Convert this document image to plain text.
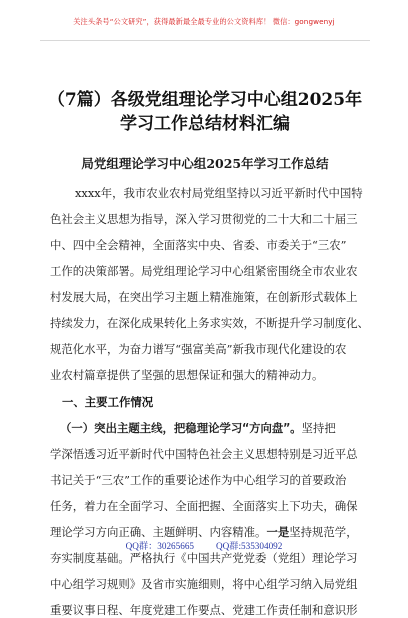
关注头条号“公文研究”，获得最新最全最专业的公文资料库！ 微信：gongwenyj
（7篇）各级党组理论学习中心组2025年
学习工作总结材料汇编
局党组理论学习中心组2025年学习工作总结
xxxx年，我市农业农村局党组坚持以习近平新时代中国特
色社会主义思想为指导，深入学习贯彻党的二十大和二十届三
中、四中全会精神，全面落实中央、省委、市委关于“三农”
工作的决策部署。局党组理论学习中心组紧密围绕全市农业农
村发展大局，在突出学习主题上精准施策，在创新形式载体上
持续发力，在深化成果转化上务求实效，不断提升学习制度化、
规范化水平，为奋力谱写“强富美高”新我市现代化建设的农
业农村篇章提供了坚强的思想保证和强大的精神动力。
一、主要工作情况
（一）突出主题主线，把稳理论学习“方向盘”。坚持把
学深悟透习近平新时代中国特色社会主义思想特别是习近平总
书记关于“三农”工作的重要论述作为中心组学习的首要政治
任务，着力在全面学习、全面把握、全面落实上下功夫，确保
理论学习方向正确、主题鲜明、内容精准。一是坚持规范学，
夯实制度基础。严格执行《中国共产党党委（党组）理论学习
中心组学习规则》及省市实施细则，将中心组学习纳入局党组
重要议事日程、年度党建工作要点、党建工作责任制和意识形
QQ群：30265665 QQ群:535304092
